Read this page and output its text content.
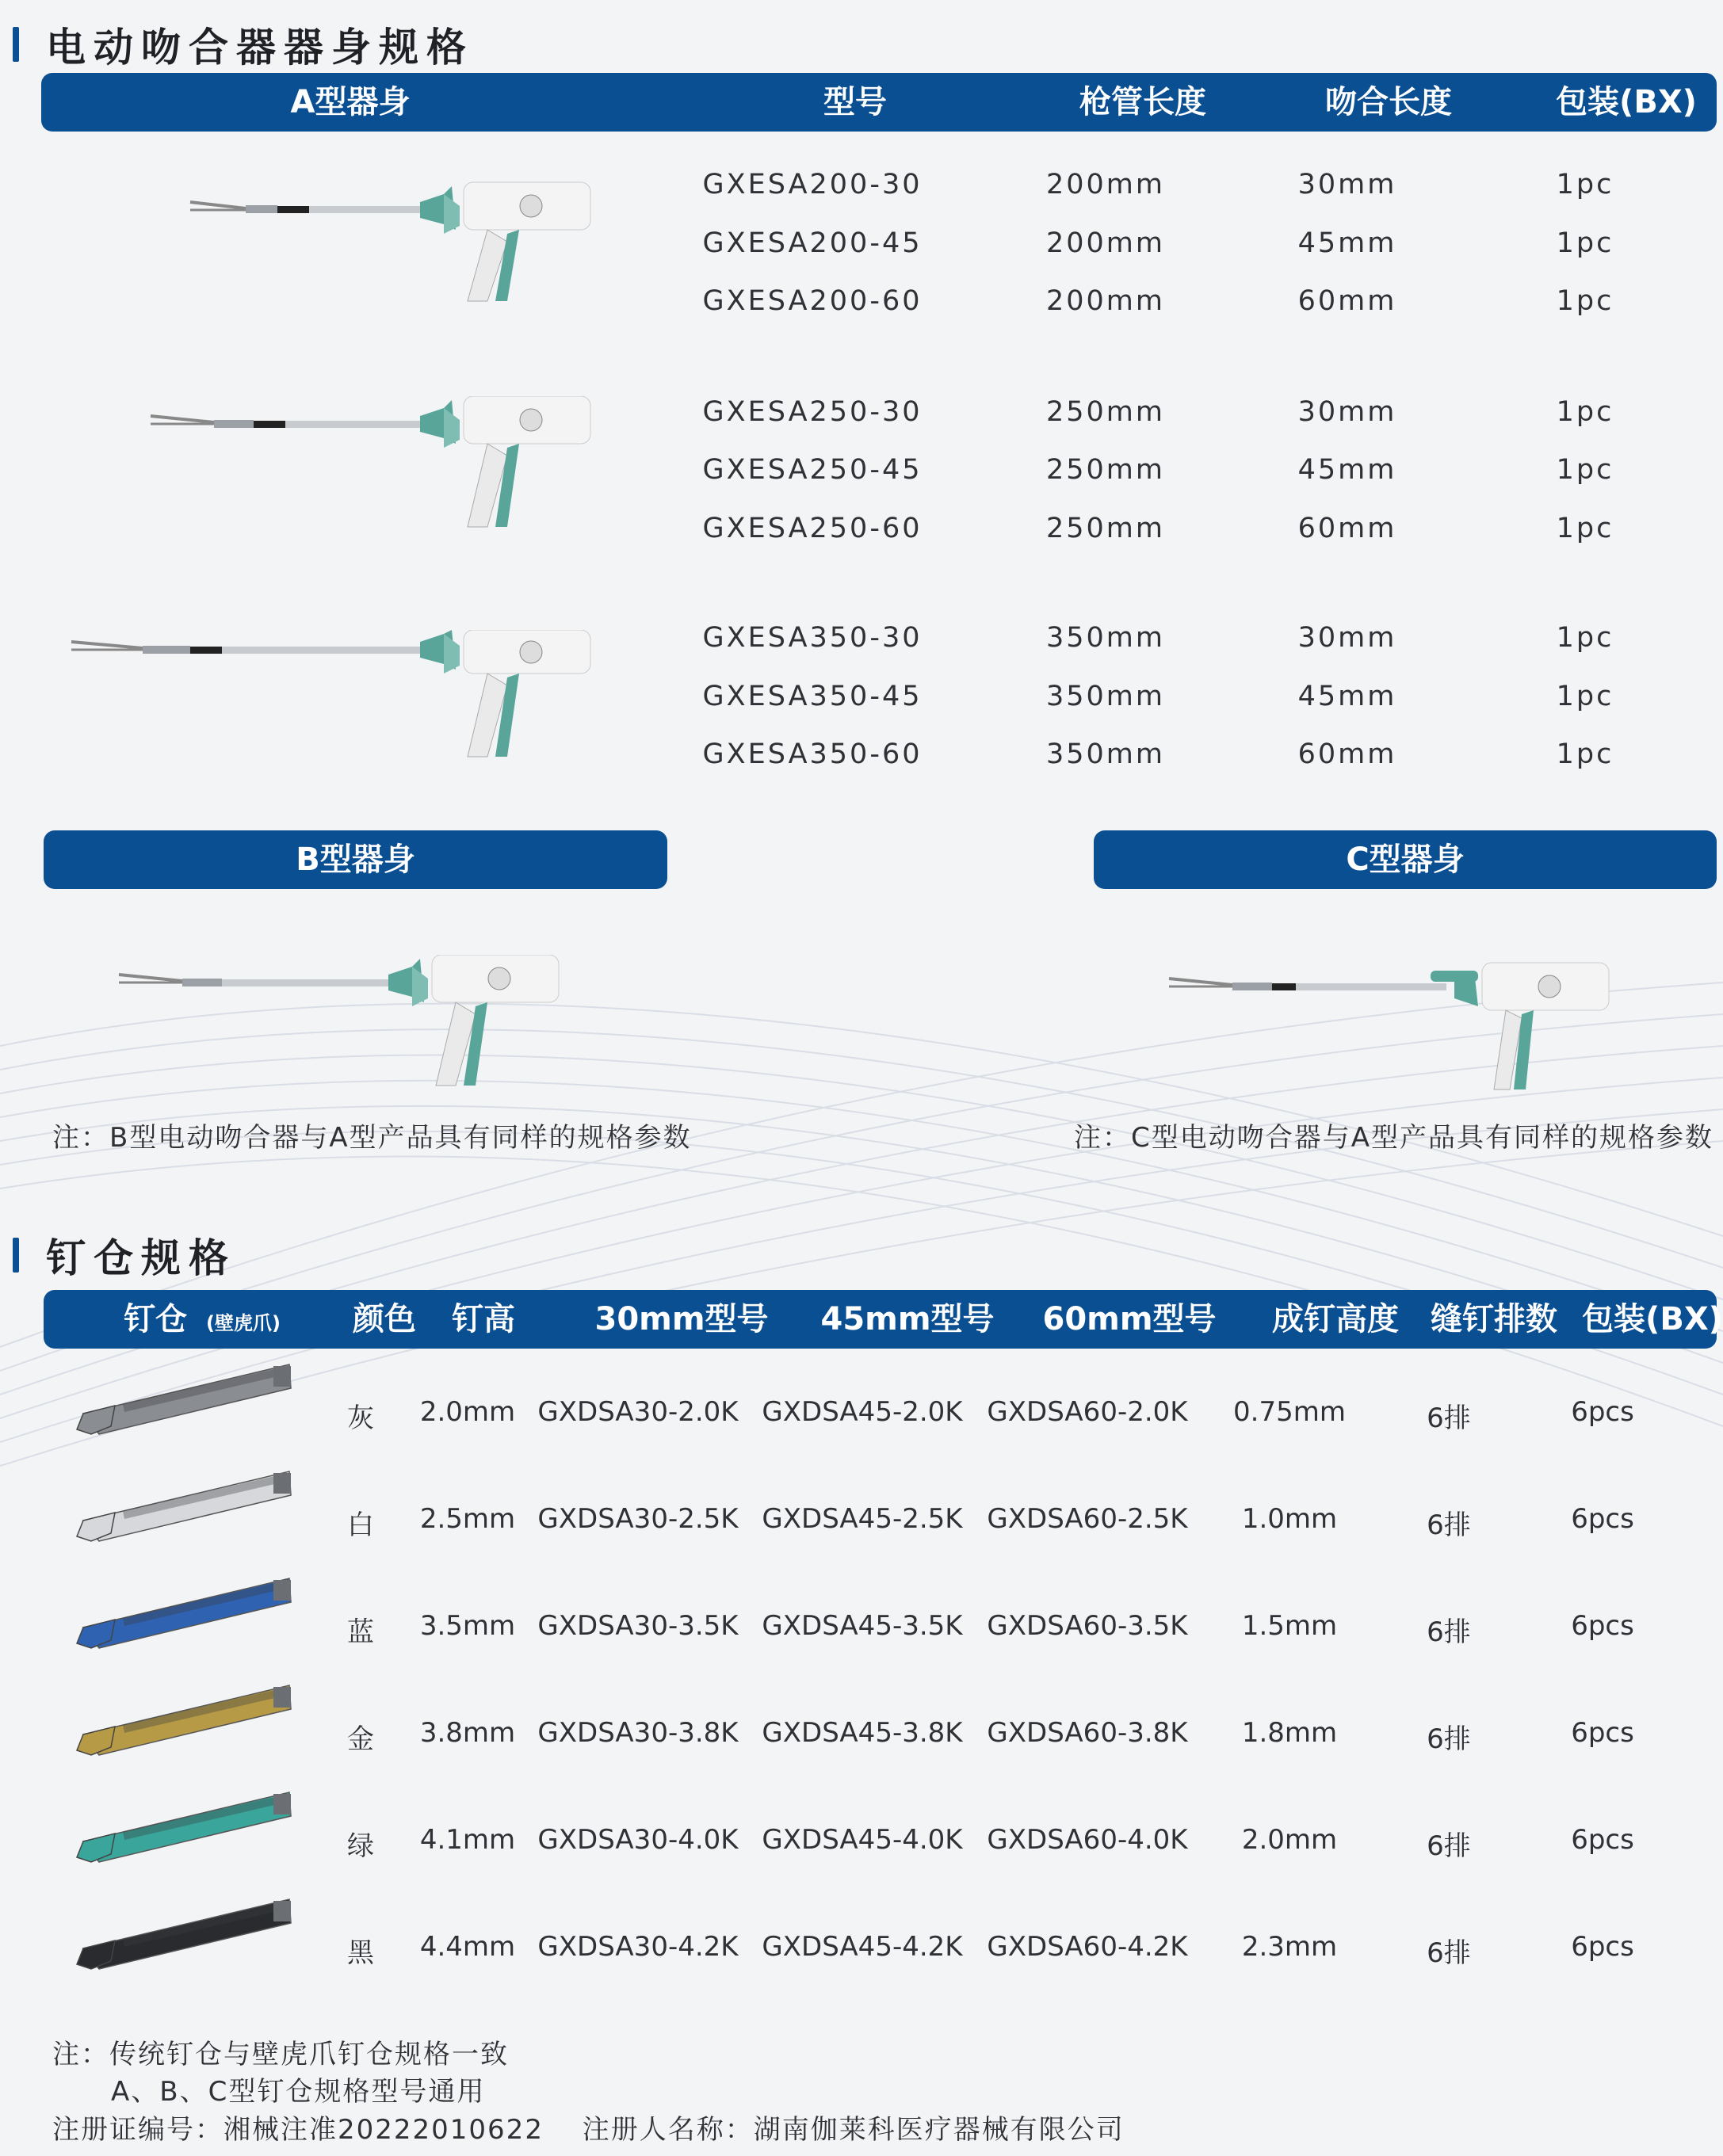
电动吻合器器身规格
A型器身	型号	枪管长度	吻合长度	包装(BX)
GXESA200-30	200mm	30mm	1pc
GXESA200-45	200mm	45mm	1pc
GXESA200-60	200mm	60mm	1pc
GXESA250-30	250mm	30mm	1pc
GXESA250-45	250mm	45mm	1pc
GXESA250-60	250mm	60mm	1pc
GXESA350-30	350mm	30mm	1pc
GXESA350-45	350mm	45mm	1pc
GXESA350-60	350mm	60mm	1pc
B型器身	C型器身
注：B型电动吻合器与A型产品具有同样的规格参数	注：C型电动吻合器与A型产品具有同样的规格参数
钉仓规格
钉仓 (壁虎爪)	颜色	钉高	30mm型号	45mm型号	60mm型号	成钉高度	缝钉排数 包装(BX)
灰	2.0mm GXDSA30-2.0K GXDSA45-2.0K GXDSA60-2.0K	0.75mm	6排	6pcs
白	2.5mm GXDSA30-2.5K GXDSA45-2.5K GXDSA60-2.5K	1.0mm	6排	6pcs
蓝	3.5mm GXDSA30-3.5K GXDSA45-3.5K GXDSA60-3.5K	1.5mm	6排	6pcs
金	3.8mm GXDSA30-3.8K GXDSA45-3.8K GXDSA60-3.8K	1.8mm	6排	6pcs
绿	4.1mm GXDSA30-4.0K GXDSA45-4.0K GXDSA60-4.0K	2.0mm	6排	6pcs
黑	4.4mm GXDSA30-4.2K GXDSA45-4.2K GXDSA60-4.2K	2.3mm	6排	6pcs
注：传统钉仓与壁虎爪钉仓规格一致
A、B、C型钉仓规格型号通用
注册证编号：湘械注准20222010622　 注册人名称：湖南伽莱科医疗器械有限公司
